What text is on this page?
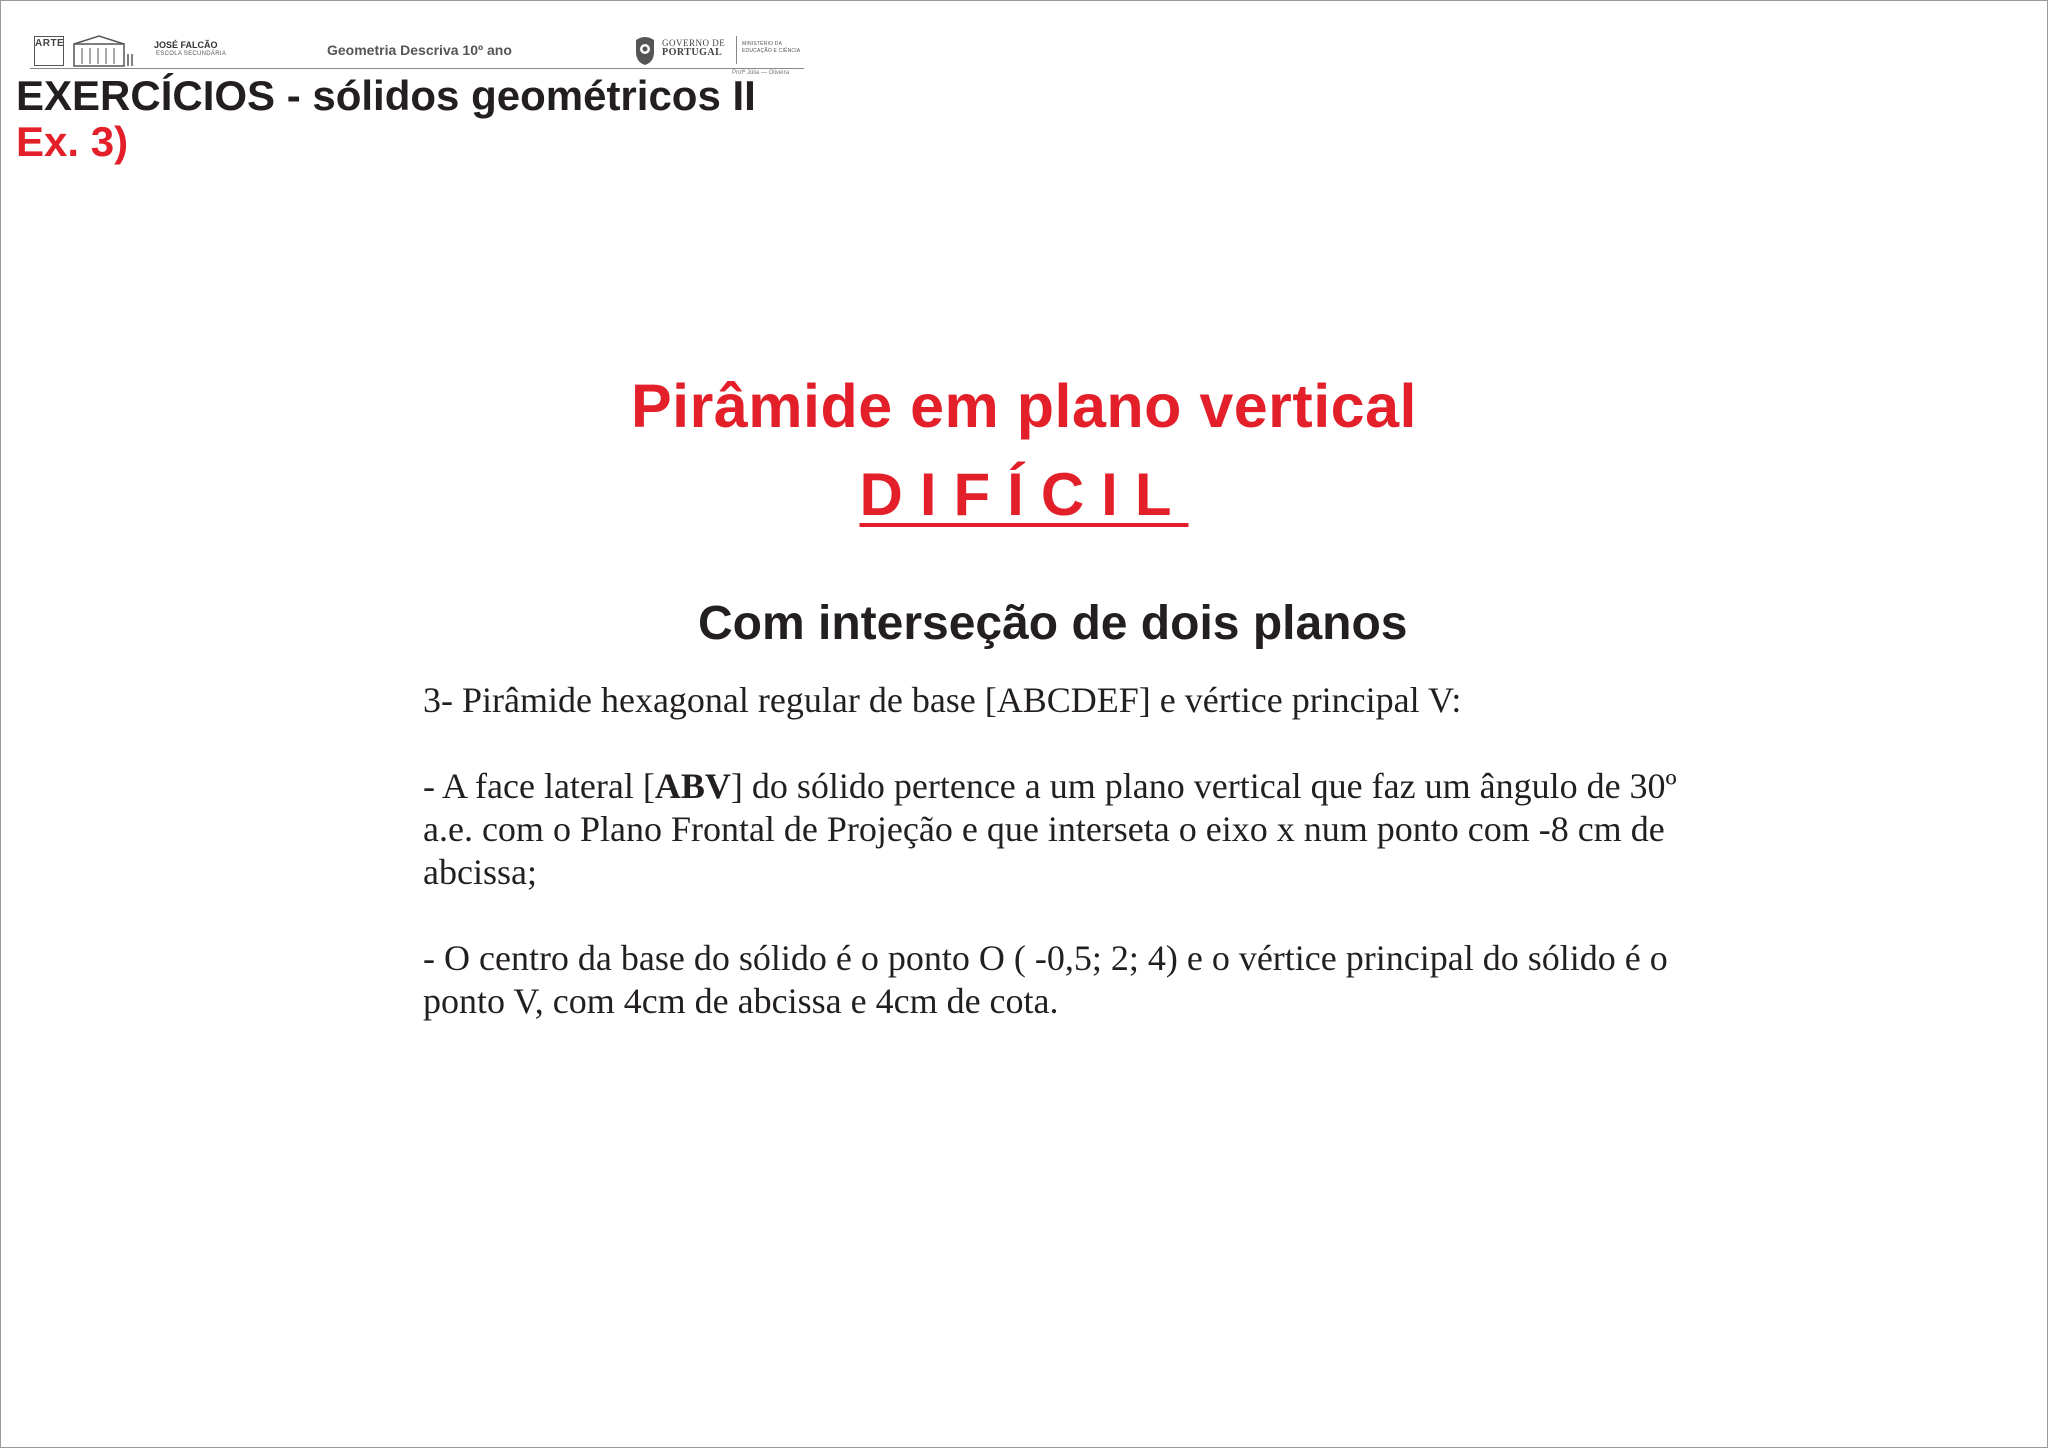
ARTE	JOSÉ FALCÃO
ESCOLA SECUNDÁRIA	Geometria Descriva 10º ano	GOVERNO DE
PORTUGAL
MINISTÉRIO DA EDUCAÇÃO E CIÊNCIA
Profª Júlia — Oliveira
EXERCÍCIOS - sólidos geométricos II
Ex. 3)
Pirâmide em plano vertical
DIFÍCIL
Com interseção de dois planos

3- Pirâmide hexagonal regular de base [ABCDEF] e vértice principal V:

- A face lateral [ABV] do sólido pertence a um plano vertical que faz um ângulo de 30º a.e. com o Plano Frontal de Projeção e que interseta o eixo x num ponto com -8 cm de abcissa;

- O centro da base do sólido é o ponto O ( -0,5; 2; 4) e o vértice principal do sólido é o ponto V, com 4cm de abcissa e 4cm de cota.
